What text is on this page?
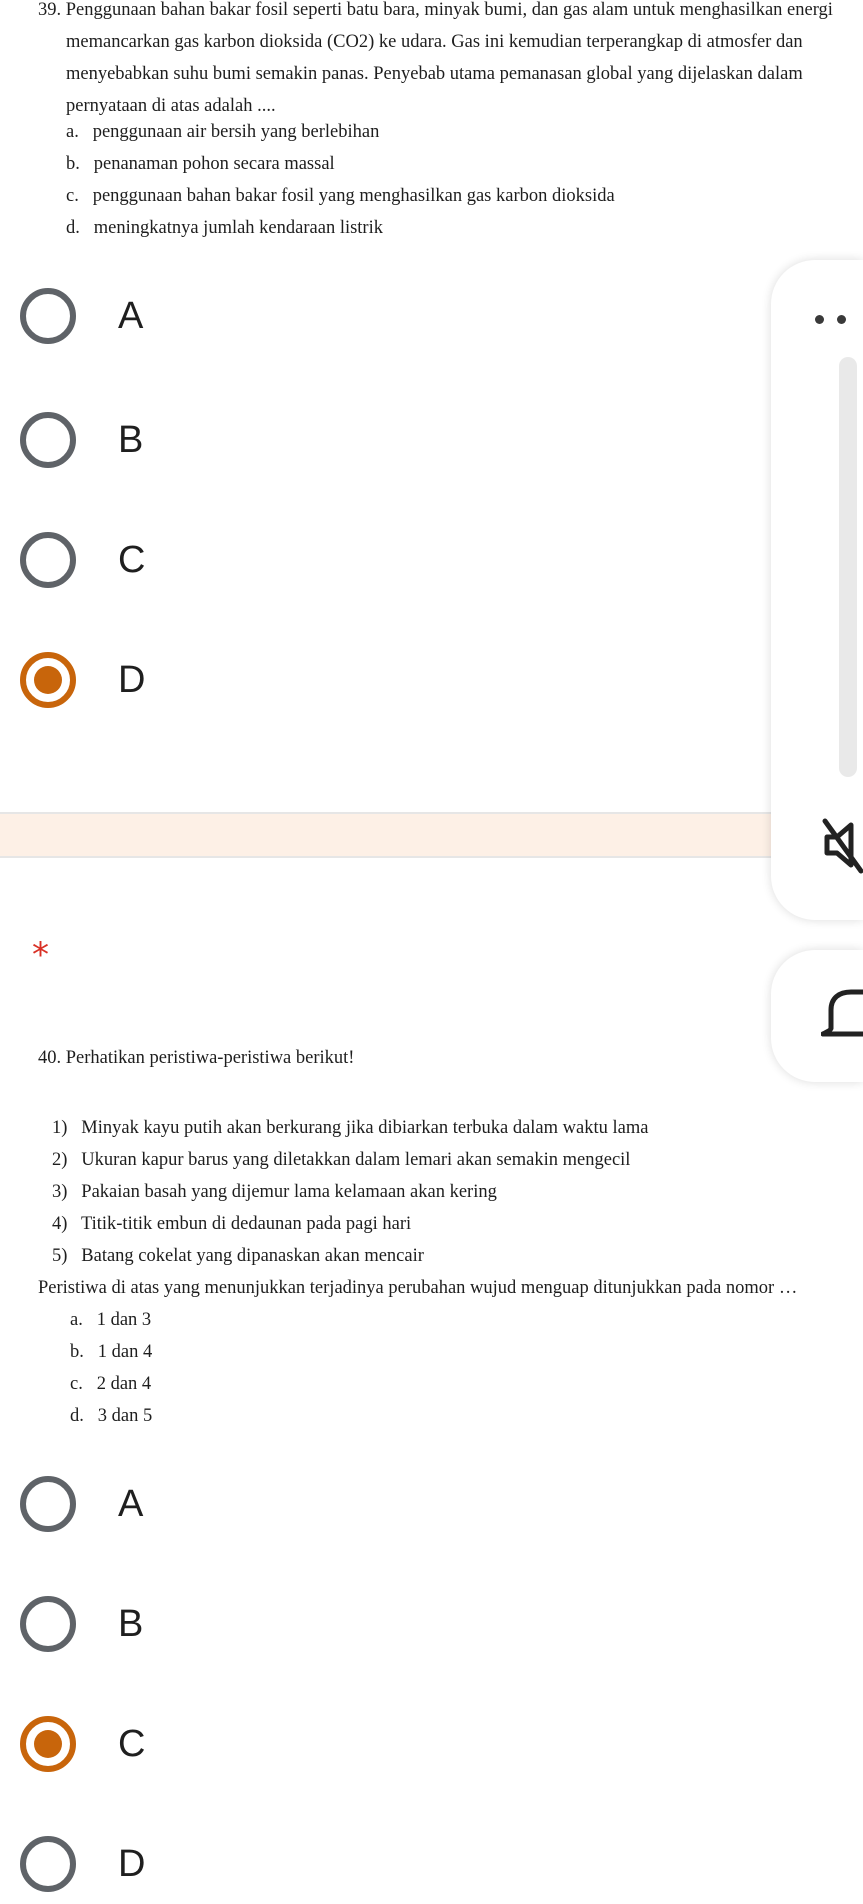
39. Penggunaan bahan bakar fosil seperti batu bara, minyak bumi, dan gas alam untuk menghasilkan energi
memancarkan gas karbon dioksida (CO2) ke udara. Gas ini kemudian terperangkap di atmosfer dan
menyebabkan suhu bumi semakin panas. Penyebab utama pemanasan global yang dijelaskan dalam
pernyataan di atas adalah ....
a.   penggunaan air bersih yang berlebihan
b.   penanaman pohon secara massal
c.   penggunaan bahan bakar fosil yang menghasilkan gas karbon dioksida
d.   meningkatnya jumlah kendaraan listrik
A
B
C
D
*
40. Perhatikan peristiwa-peristiwa berikut!
1)   Minyak kayu putih akan berkurang jika dibiarkan terbuka dalam waktu lama
2)   Ukuran kapur barus yang diletakkan dalam lemari akan semakin mengecil
3)   Pakaian basah yang dijemur lama kelamaan akan kering
4)   Titik-titik embun di dedaunan pada pagi hari
5)   Batang cokelat yang dipanaskan akan mencair
Peristiwa di atas yang menunjukkan terjadinya perubahan wujud menguap ditunjukkan pada nomor …
a.   1 dan 3
b.   1 dan 4
c.   2 dan 4
d.   3 dan 5
A
B
C
D
